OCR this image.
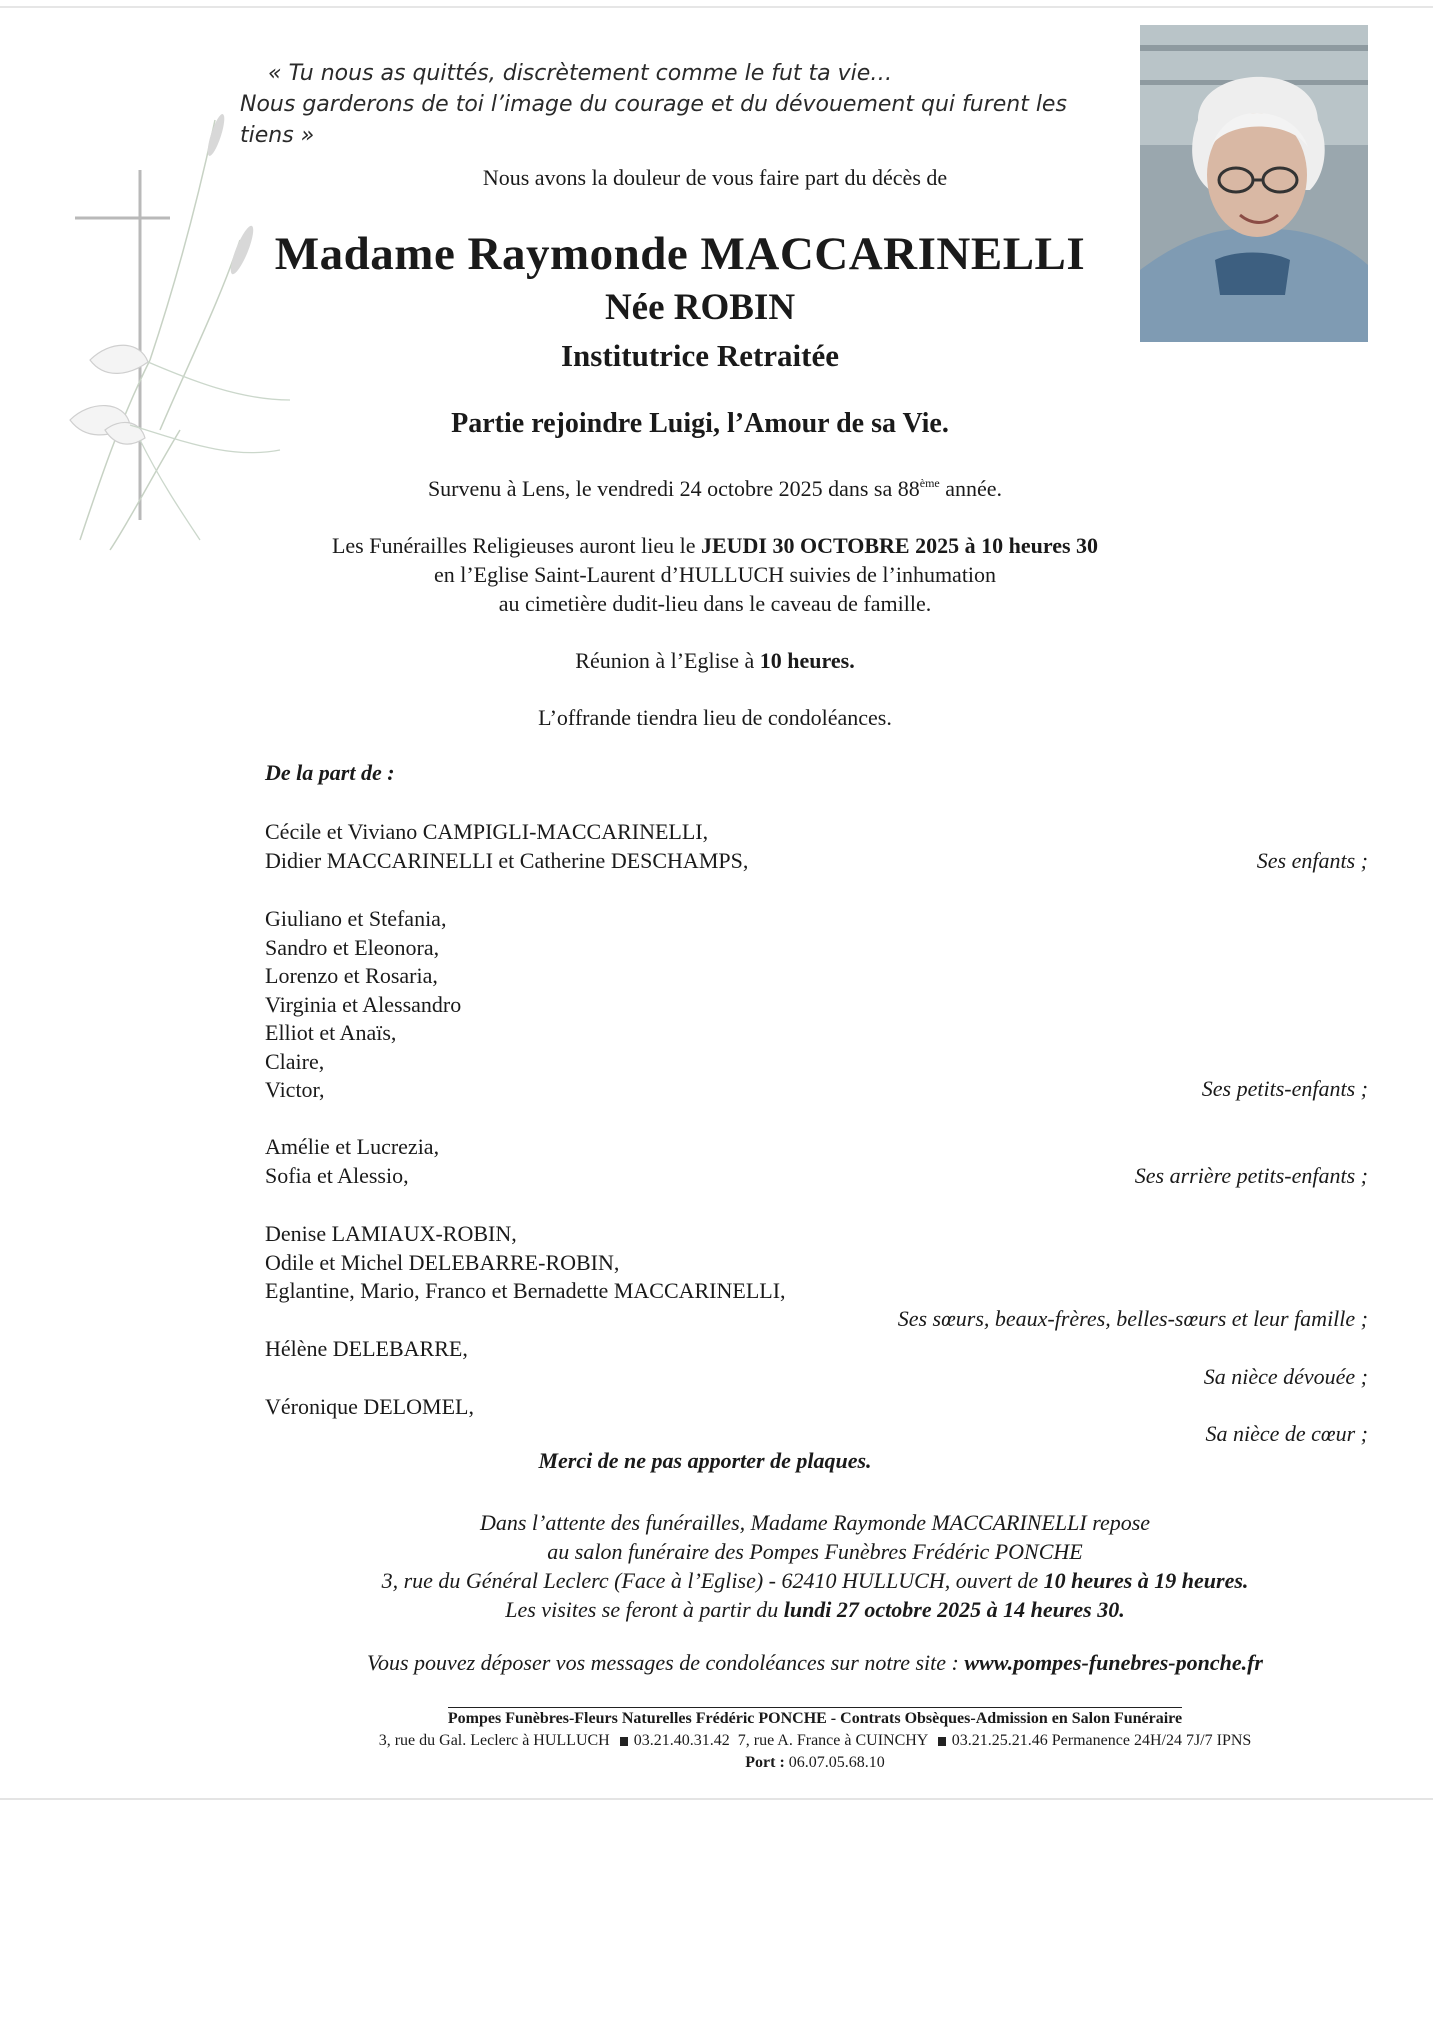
« Tu nous as quittés, discrètement comme le fut ta vie…
Nous garderons de toi l’image du courage et du dévouement qui furent les tiens »
Nous avons la douleur de vous faire part du décès de
Madame Raymonde MACCARINELLI
Née ROBIN
Institutrice Retraitée
Partie rejoindre Luigi, l’Amour de sa Vie.
Survenu à Lens, le vendredi 24 octobre 2025 dans sa 88ème année.
Les Funérailles Religieuses auront lieu le JEUDI 30 OCTOBRE 2025 à 10 heures 30
en l’Eglise Saint-Laurent d’HULLUCH suivies de l’inhumation
au cimetière dudit-lieu dans le caveau de famille.
Réunion à l’Eglise à 10 heures.
L’offrande tiendra lieu de condoléances.
De la part de :
Cécile et Viviano CAMPIGLI-MACCARINELLI,
Didier MACCARINELLI et Catherine DESCHAMPS,	Ses enfants ;
Giuliano et Stefania,
Sandro et Eleonora,
Lorenzo et Rosaria,
Virginia et Alessandro
Elliot et Anaïs,
Claire,
Victor,	Ses petits-enfants ;
Amélie et Lucrezia,
Sofia et Alessio,	Ses arrière petits-enfants ;
Denise LAMIAUX-ROBIN,
Odile et Michel DELEBARRE-ROBIN,
Eglantine, Mario, Franco et Bernadette MACCARINELLI,
Ses sœurs, beaux-frères, belles-sœurs et leur famille ;
Hélène DELEBARRE,
Sa nièce dévouée ;
Véronique DELOMEL,
Sa nièce de cœur ;
Merci de ne pas apporter de plaques.
Dans l’attente des funérailles, Madame Raymonde MACCARINELLI repose
au salon funéraire des Pompes Funèbres Frédéric PONCHE
3, rue du Général Leclerc (Face à l’Eglise) - 62410 HULLUCH, ouvert de 10 heures à 19 heures.
Les visites se feront à partir du lundi 27 octobre 2025 à 14 heures 30.
Vous pouvez déposer vos messages de condoléances sur notre site : www.pompes-funebres-ponche.fr
Pompes Funèbres-Fleurs Naturelles Frédéric PONCHE - Contrats Obsèques-Admission en Salon Funéraire
3, rue du Gal. Leclerc à HULLUCH 03.21.40.31.42 7, rue A. France à CUINCHY 03.21.25.21.46 Permanence 24H/24 7J/7 IPNS
Port : 06.07.05.68.10
